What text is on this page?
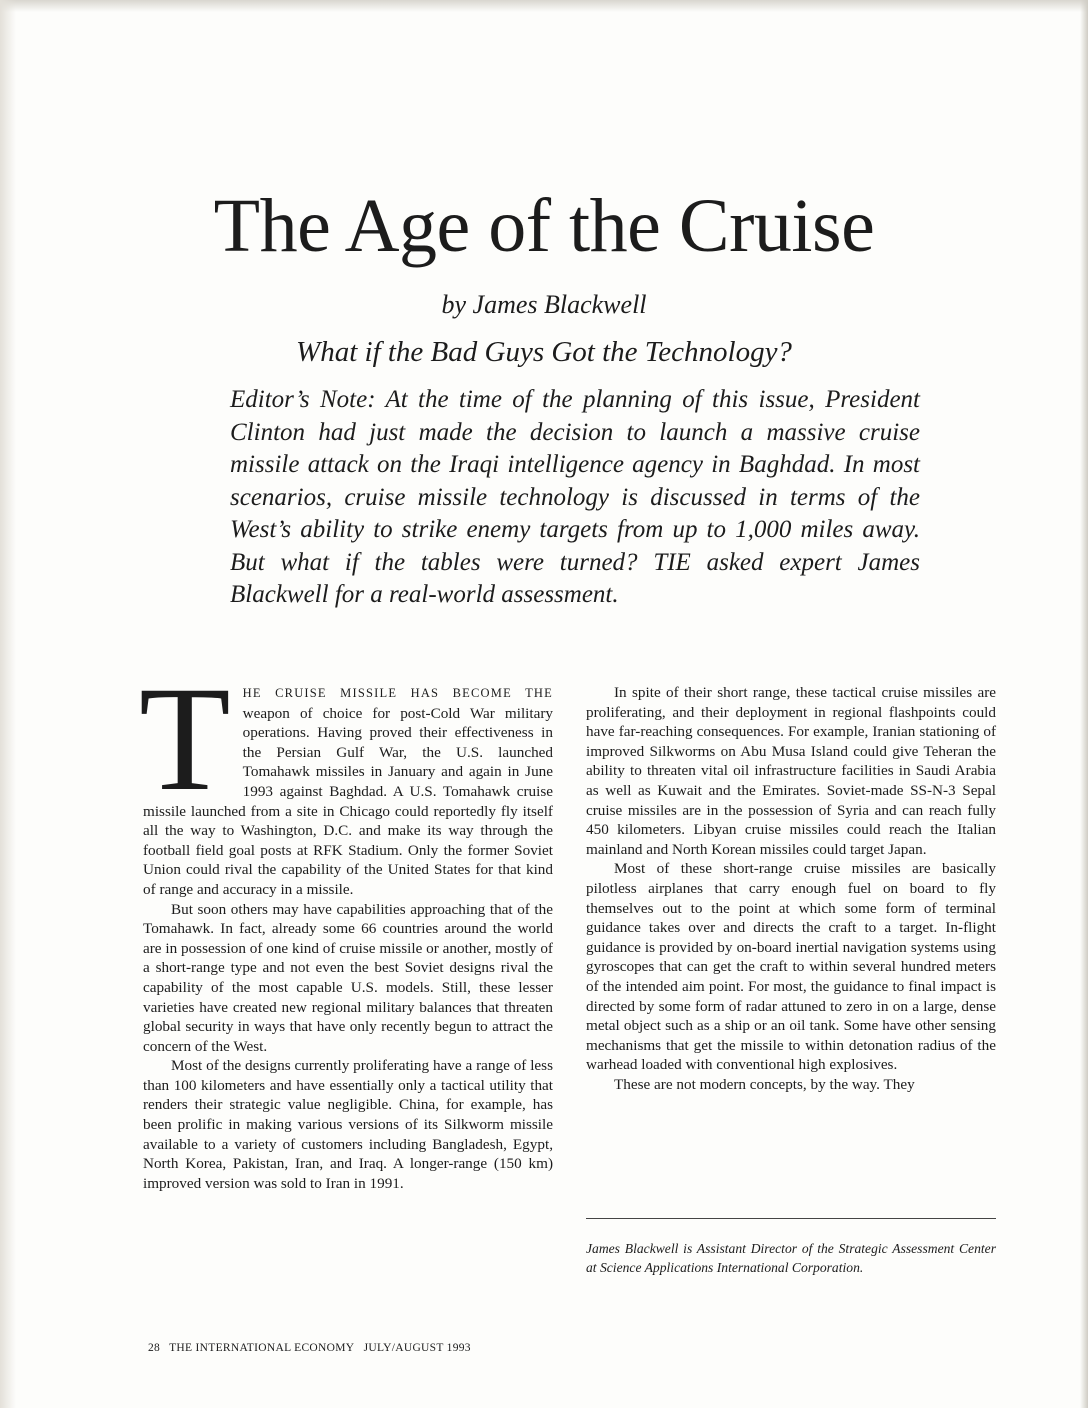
The Age of the Cruise

by James Blackwell

What if the Bad Guys Got the Technology?

Editor’s Note: At the time of the planning of this issue, President Clinton had just made the decision to launch a massive cruise missile attack on the Iraqi intelligence agency in Baghdad. In most scenarios, cruise missile technology is discussed in terms of the West’s ability to strike enemy targets from up to 1,000 miles away. But what if the tables were turned? TIE asked expert James Blackwell for a real-world assessment.

THE CRUISE MISSILE HAS BECOME THE weapon of choice for post-Cold War military operations. Having proved their effectiveness in the Persian Gulf War, the U.S. launched Tomahawk missiles in January and again in June 1993 against Baghdad. A U.S. Tomahawk cruise missile launched from a site in Chicago could reportedly fly itself all the way to Washington, D.C. and make its way through the football field goal posts at RFK Stadium. Only the former Soviet Union could rival the capability of the United States for that kind of range and accuracy in a missile.

But soon others may have capabilities approaching that of the Tomahawk. In fact, already some 66 countries around the world are in possession of one kind of cruise missile or another, mostly of a short-range type and not even the best Soviet designs rival the capability of the most capable U.S. models. Still, these lesser varieties have created new regional military balances that threaten global security in ways that have only recently begun to attract the concern of the West.

Most of the designs currently proliferating have a range of less than 100 kilometers and have essentially only a tactical utility that renders their strategic value negligible. China, for example, has been prolific in making various versions of its Silkworm missile available to a variety of customers including Bangladesh, Egypt, North Korea, Pakistan, Iran, and Iraq. A longer-range (150 km) improved version was sold to Iran in 1991.

In spite of their short range, these tactical cruise missiles are proliferating, and their deployment in regional flashpoints could have far-reaching consequences. For example, Iranian stationing of improved Silkworms on Abu Musa Island could give Teheran the ability to threaten vital oil infrastructure facilities in Saudi Arabia as well as Kuwait and the Emirates. Soviet-made SS-N-3 Sepal cruise missiles are in the possession of Syria and can reach fully 450 kilometers. Libyan cruise missiles could reach the Italian mainland and North Korean missiles could target Japan.

Most of these short-range cruise missiles are basically pilotless airplanes that carry enough fuel on board to fly themselves out to the point at which some form of terminal guidance takes over and directs the craft to a target. In-flight guidance is provided by on-board inertial navigation systems using gyroscopes that can get the craft to within several hundred meters of the intended aim point. For most, the guidance to final impact is directed by some form of radar attuned to zero in on a large, dense metal object such as a ship or an oil tank. Some have other sensing mechanisms that get the missile to within detonation radius of the warhead loaded with conventional high explosives.

These are not modern concepts, by the way. They

James Blackwell is Assistant Director of the Strategic Assessment Center at Science Applications International Corporation.

28 THE INTERNATIONAL ECONOMY JULY/AUGUST 1993
